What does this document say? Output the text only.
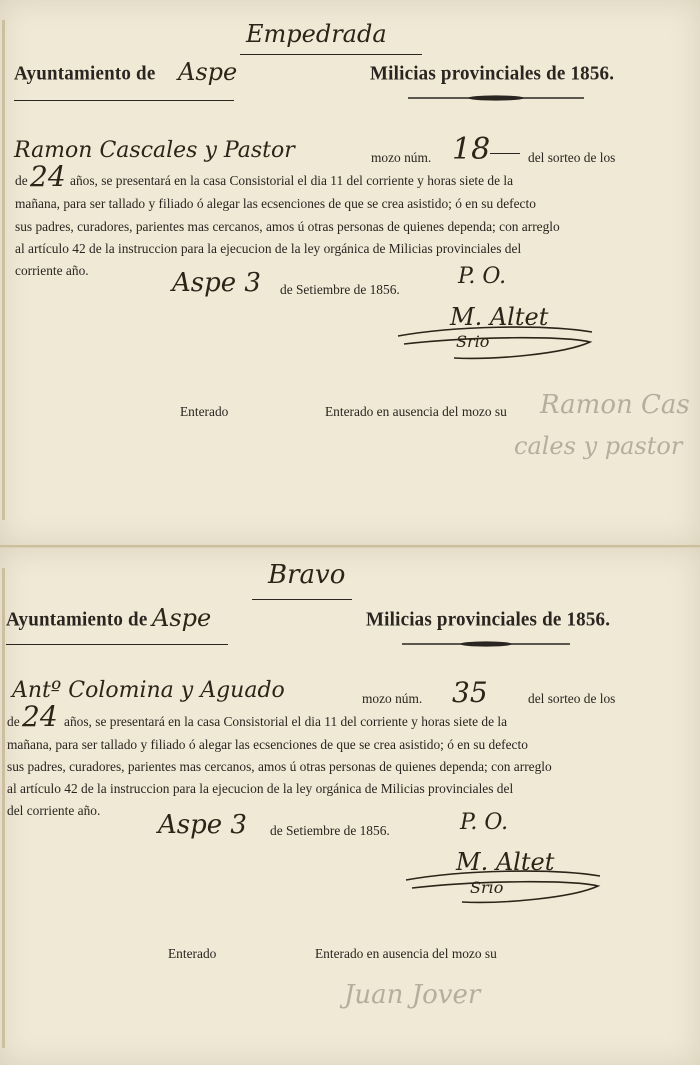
Empedrada
Ayuntamiento de Aspe	Milicias provinciales de 1856.
Ramon Cascales y Pastor	mozo núm. 18	del sorteo de los
de 24 años, se presentará en la casa Consistorial el dia 11 del corriente y horas siete de la
mañana, para ser tallado y filiado ó alegar las ecsenciones de que se crea asistido; ó en su defecto
sus padres, curadores, parientes mas cercanos, amos ú otras personas de quienes dependa; con arreglo
al artículo 42 de la instruccion para la ejecucion de la ley orgánica de Milicias provinciales del
corriente año.	Aspe 3 de Setiembre de 1856.
P. O.
M. Altet
Srio
Enterado	Enterado en ausencia del mozo su Ramon Cas
cales y pastor
Bravo
Ayuntamiento de Aspe	Milicias provinciales de 1856.
Antº Colomina y Aguado	mozo núm. 35	del sorteo de los
de 24 años, se presentará en la casa Consistorial el dia 11 del corriente y horas siete de la
mañana, para ser tallado y filiado ó alegar las ecsenciones de que se crea asistido; ó en su defecto
sus padres, curadores, parientes mas cercanos, amos ú otras personas de quienes dependa; con arreglo
al artículo 42 de la instruccion para la ejecucion de la ley orgánica de Milicias provinciales del
del corriente año. Aspe 3 de Setiembre de 1856.	P. O.
M. Altet
Srio
Enterado	Enterado en ausencia del mozo su
Juan Jover
